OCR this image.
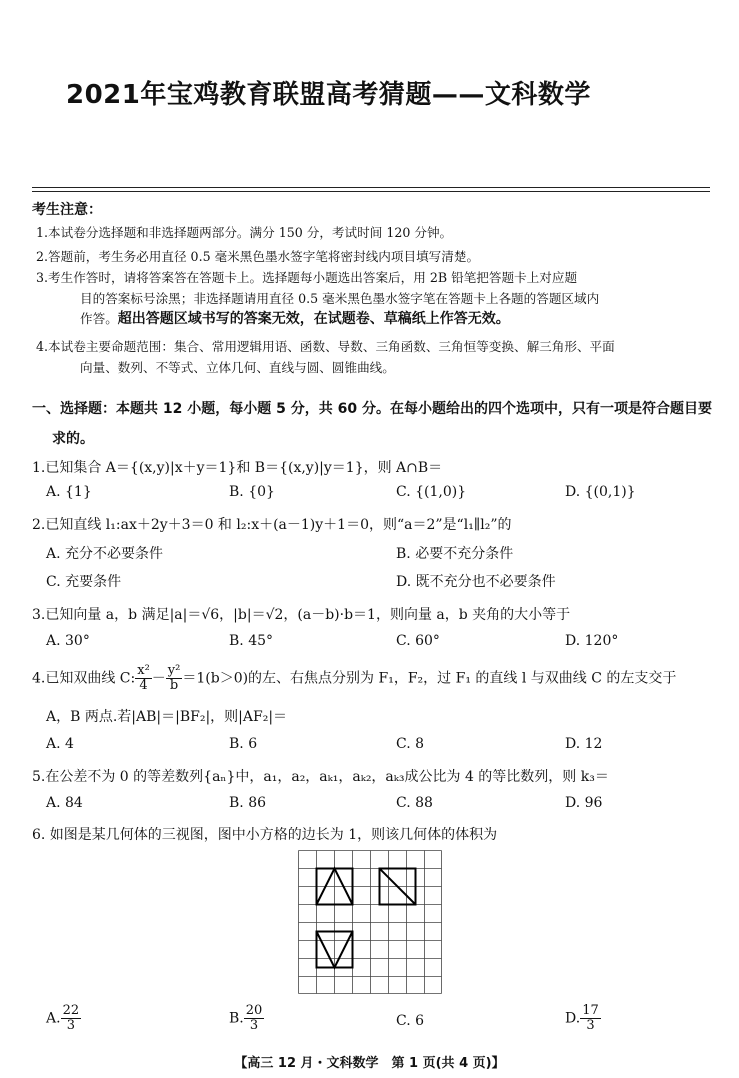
2021年宝鸡教育联盟高考猜题——文科数学
考生注意：
1.本试卷分选择题和非选择题两部分。满分 150 分，考试时间 120 分钟。
2.答题前，考生务必用直径 0.5 毫米黑色墨水签字笔将密封线内项目填写清楚。
3.考生作答时，请将答案答在答题卡上。选择题每小题选出答案后，用 2B 铅笔把答题卡上对应题
目的答案标号涂黑；非选择题请用直径 0.5 毫米黑色墨水签字笔在答题卡上各题的答题区域内
作答。超出答题区域书写的答案无效，在试题卷、草稿纸上作答无效。
4.本试卷主要命题范围：集合、常用逻辑用语、函数、导数、三角函数、三角恒等变换、解三角形、平面
向量、数列、不等式、立体几何、直线与圆、圆锥曲线。
一、选择题：本题共 12 小题，每小题 5 分，共 60 分。在每小题给出的四个选项中，只有一项是符合题目要
求的。
1.已知集合 A＝{(x,y)|x＋y＝1}和 B＝{(x,y)|y＝1}，则 A∩B＝
A. {1}	B. {0}	C. {(1,0)}	D. {(0,1)}
2.已知直线 l₁:ax＋2y＋3＝0 和 l₂:x＋(a－1)y＋1＝0，则“a＝2”是“l₁∥l₂”的
A. 充分不必要条件	B. 必要不充分条件
C. 充要条件	D. 既不充分也不必要条件
3.已知向量 a，b 满足|a|＝√6，|b|＝√2，(a－b)·b＝1，则向量 a，b 夹角的大小等于
A. 30°	B. 45°	C. 60°	D. 120°
4.已知双曲线 C: $\frac{\text{x²}}{4} - \frac{\text{y²}}{b} =1(b>0)$的左、右焦点分别为 F₁，F₂，过 F₁ 的直线 l 与双曲线 C 的左支交于
A，B 两点.若|AB|＝|BF₂|，则|AF₂|＝
A. 4	B. 6	C. 8	D. 12
5.在公差不为 0 的等差数列{aₙ}中，a₁，a₂，aₖ₁，aₖ₂，aₖ₃成公比为 4 的等比数列，则 k₃＝
A. 84	B. 86	C. 88	D. 96
6. 如图是某几何体的三视图，图中小方格的边长为 1，则该几何体的体积为
A. $\frac{22}{3}$	B. $\frac{20}{3}$	C. 6	D. $\frac{17}{3}$
【高三 12 月・文科数学　第 1 页(共 4 页)】
